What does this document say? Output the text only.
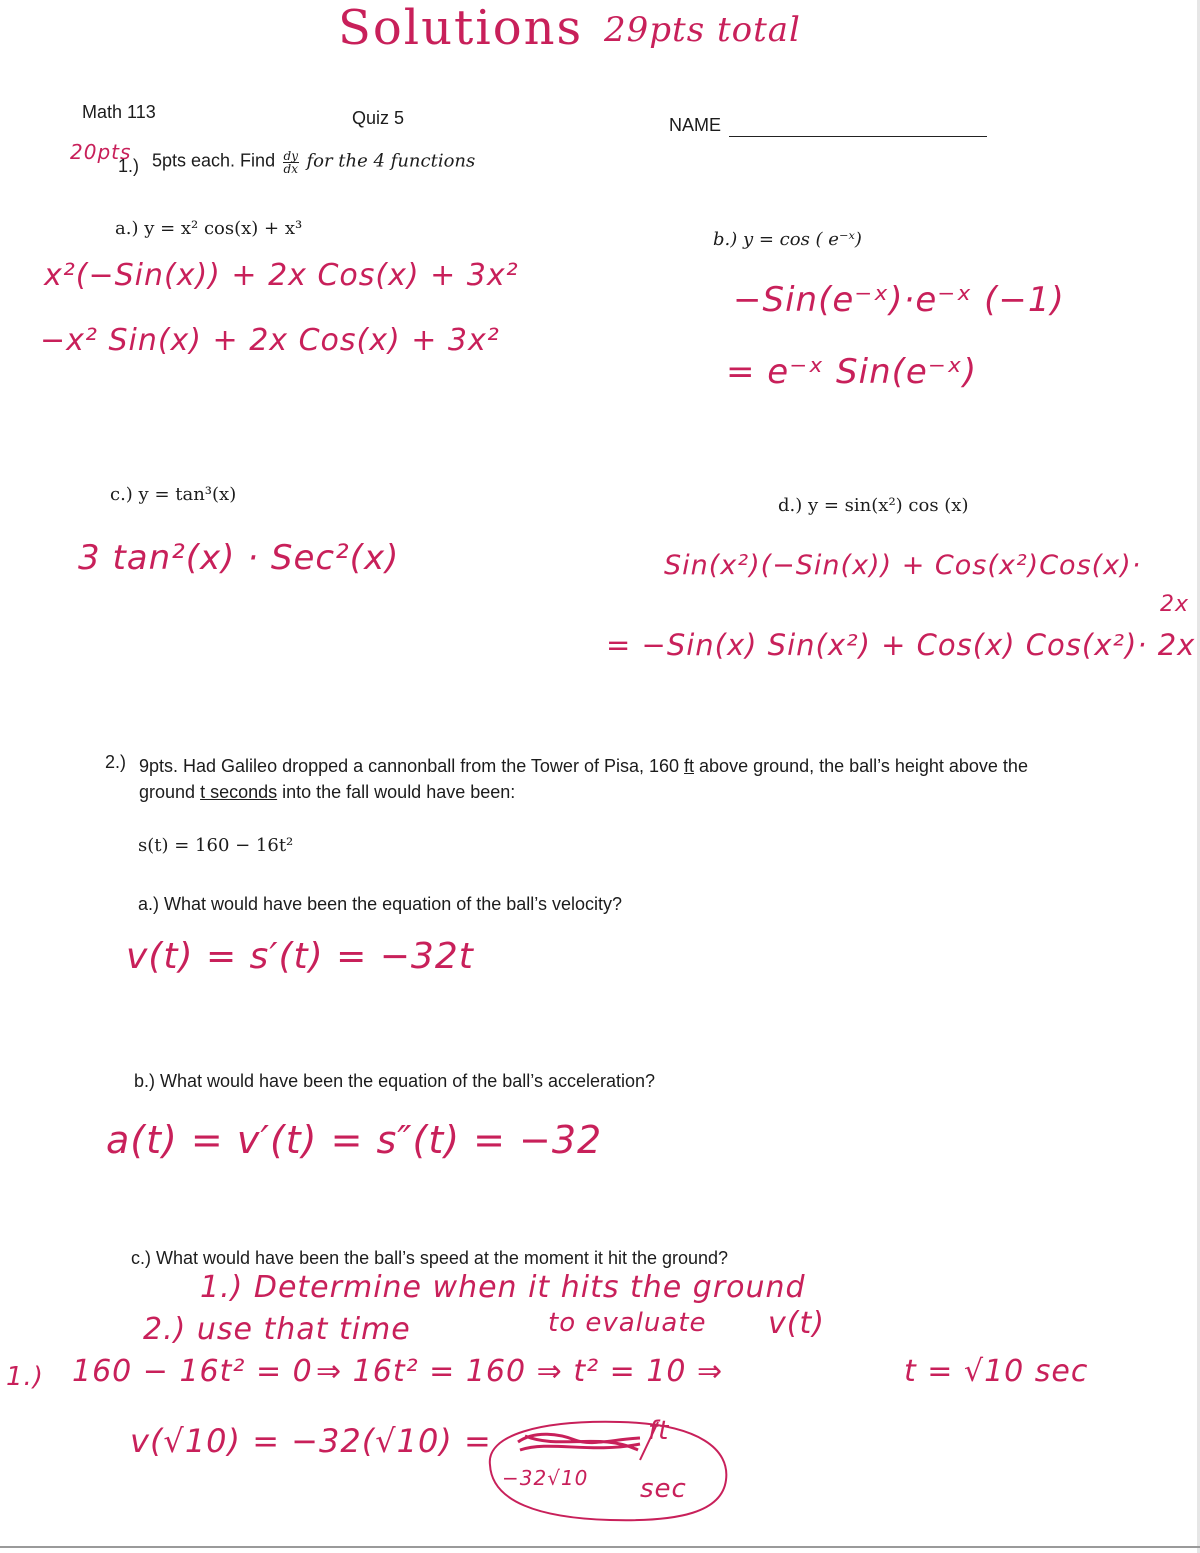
Solutions 29pts total
Math 113	Quiz 5	NAME
20pts
1.) 5pts each. Find $\frac{dy}{dx}$ for the 4 functions
a.) y = x² cos(x) + x³
x²(−Sin(x)) + 2x Cos(x) + 3x²
−x² Sin(x) + 2x Cos(x) + 3x²
b.) y = cos ( e⁻ˣ)
−Sin(e⁻ˣ)·e⁻ˣ (−1)
= e⁻ˣ Sin(e⁻ˣ)
c.) y = tan³(x)
3 tan²(x) · Sec²(x)
d.) y = sin(x²) cos (x)
Sin(x²)(−Sin(x)) + Cos(x²)Cos(x)·
2x
= −Sin(x) Sin(x²) + Cos(x) Cos(x²)· 2x
2.) 9pts. Had Galileo dropped a cannonball from the Tower of Pisa, 160 ft above ground, the ball’s height above the
ground t seconds into the fall would have been:
s(t) = 160 − 16t²
a.) What would have been the equation of the ball’s velocity?
v(t) = s′(t) = −32t
b.) What would have been the equation of the ball’s acceleration?
a(t) = v′(t) = s″(t) = −32
c.) What would have been the ball’s speed at the moment it hit the ground?
1.) Determine when it hits the ground
2.) use that time	to evaluate v(t)
1.) 160 − 16t² = 0 ⇒ 16t² = 160 ⇒ t² = 10 ⇒	t = √10 sec
v(√10) = −32(√10) =	ft
−32√10 sec
